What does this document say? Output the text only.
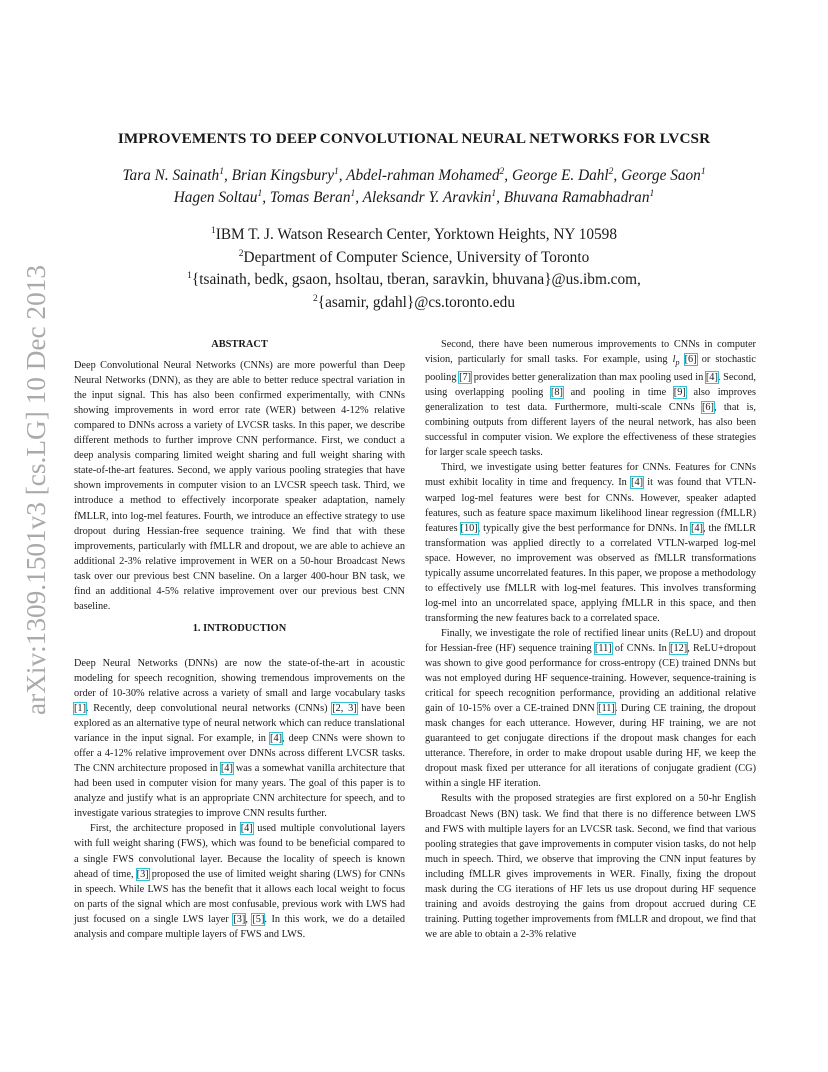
arXiv:1309.1501v3 [cs.LG] 10 Dec 2013
IMPROVEMENTS TO DEEP CONVOLUTIONAL NEURAL NETWORKS FOR LVCSR
Tara N. Sainath$^1$, Brian Kingsbury$^1$, Abdel-rahman Mohamed$^2$, George E. Dahl$^2$, George Saon$^1$
Hagen Soltau$^1$, Tomas Beran$^1$, Aleksandr Y. Aravkin$^1$, Bhuvana Ramabhadran$^1$
$^1$IBM T. J. Watson Research Center, Yorktown Heights, NY 10598
$^2$Department of Computer Science, University of Toronto
$^1${tsainath, bedk, gsaon, hsoltau, tberan, saravkin, bhuvana}@us.ibm.com,
$^2${asamir, gdahl}@cs.toronto.edu
ABSTRACT

Deep Convolutional Neural Networks (CNNs) are more powerful than Deep Neural Networks (DNN), as they are able to better reduce spectral variation in the input signal. This has also been confirmed experimentally, with CNNs showing improvements in word error rate (WER) between 4-12% relative compared to DNNs across a variety of LVCSR tasks. In this paper, we describe different methods to further improve CNN performance. First, we conduct a deep analysis comparing limited weight sharing and full weight sharing with state-of-the-art features. Second, we apply various pooling strategies that have shown improvements in computer vision to an LVCSR speech task. Third, we introduce a method to effectively incorporate speaker adaptation, namely fMLLR, into log-mel features. Fourth, we introduce an effective strategy to use dropout during Hessian-free sequence training. We find that with these improvements, particularly with fMLLR and dropout, we are able to achieve an additional 2-3% relative improvement in WER on a 50-hour Broadcast News task over our previous best CNN baseline. On a larger 400-hour BN task, we find an additional 4-5% relative improvement over our previous best CNN baseline.

1. INTRODUCTION

Deep Neural Networks (DNNs) are now the state-of-the-art in acoustic modeling for speech recognition, showing tremendous improvements on the order of 10-30% relative across a variety of small and large vocabulary tasks [1]. Recently, deep convolutional neural networks (CNNs) [2, 3] have been explored as an alternative type of neural network which can reduce translational variance in the input signal. For example, in [4], deep CNNs were shown to offer a 4-12% relative improvement over DNNs across different LVCSR tasks. The CNN architecture proposed in [4] was a somewhat vanilla architecture that had been used in computer vision for many years. The goal of this paper is to analyze and justify what is an appropriate CNN architecture for speech, and to investigate various strategies to improve CNN results further.

First, the architecture proposed in [4] used multiple convolutional layers with full weight sharing (FWS), which was found to be beneficial compared to a single FWS convolutional layer. Because the locality of speech is known ahead of time, [3] proposed the use of limited weight sharing (LWS) for CNNs in speech. While LWS has the benefit that it allows each local weight to focus on parts of the signal which are most confusable, previous work with LWS had just focused on a single LWS layer [3], [5]. In this work, we do a detailed analysis and compare multiple layers of FWS and LWS.

Second, there have been numerous improvements to CNNs in computer vision, particularly for small tasks. For example, using $l_p$ [6] or stochastic pooling [7] provides better generalization than max pooling used in [4]. Second, using overlapping pooling [8] and pooling in time [9] also improves generalization to test data. Furthermore, multi-scale CNNs [6], that is, combining outputs from different layers of the neural network, has also been successful in computer vision. We explore the effectiveness of these strategies for larger scale speech tasks.

Third, we investigate using better features for CNNs. Features for CNNs must exhibit locality in time and frequency. In [4] it was found that VTLN-warped log-mel features were best for CNNs. However, speaker adapted features, such as feature space maximum likelihood linear regression (fMLLR) features [10], typically give the best performance for DNNs. In [4], the fMLLR transformation was applied directly to a correlated VTLN-warped log-mel space. However, no improvement was observed as fMLLR transformations typically assume uncorrelated features. In this paper, we propose a methodology to effectively use fMLLR with log-mel features. This involves transforming log-mel into an uncorrelated space, applying fMLLR in this space, and then transforming the new features back to a correlated space.

Finally, we investigate the role of rectified linear units (ReLU) and dropout for Hessian-free (HF) sequence training [11] of CNNs. In [12], ReLU+dropout was shown to give good performance for cross-entropy (CE) trained DNNs but was not employed during HF sequence-training. However, sequence-training is critical for speech recognition performance, providing an additional relative gain of 10-15% over a CE-trained DNN [11]. During CE training, the dropout mask changes for each utterance. However, during HF training, we are not guaranteed to get conjugate directions if the dropout mask changes for each utterance. Therefore, in order to make dropout usable during HF, we keep the dropout mask fixed per utterance for all iterations of conjugate gradient (CG) within a single HF iteration.

Results with the proposed strategies are first explored on a 50-hr English Broadcast News (BN) task. We find that there is no difference between LWS and FWS with multiple layers for an LVCSR task. Second, we find that various pooling strategies that gave improvements in computer vision tasks, do not help much in speech. Third, we observe that improving the CNN input features by including fMLLR gives improvements in WER. Finally, fixing the dropout mask during the CG iterations of HF lets us use dropout during HF sequence training and avoids destroying the gains from dropout accrued during CE training. Putting together improvements from fMLLR and dropout, we find that we are able to obtain a 2-3% relative
